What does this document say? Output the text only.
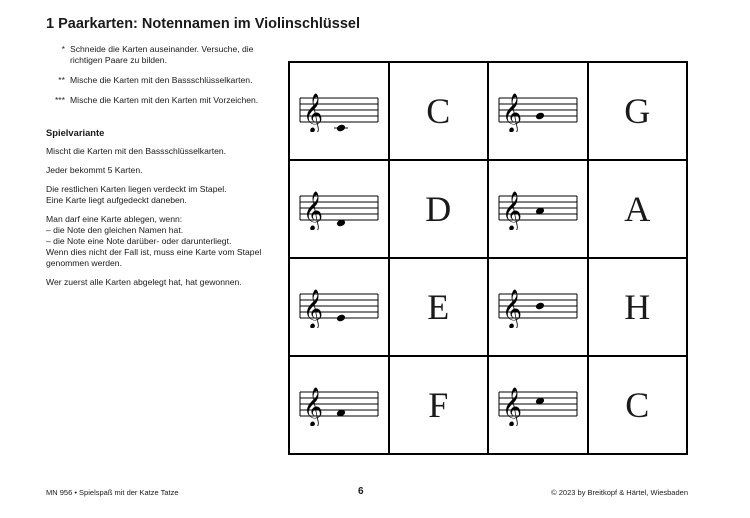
1 Paarkarten: Notennamen im Violinschlüssel
* Schneide die Karten auseinander. Versuche, die richtigen Paare zu bilden.
** Mische die Karten mit den Bassschlüsselkarten.
*** Mische die Karten mit den Karten mit Vorzeichen.
Spielvariante

Mischt die Karten mit den Bassschlüsselkarten.

Jeder bekommt 5 Karten.

Die restlichen Karten liegen verdeckt im Stapel.
Eine Karte liegt aufgedeckt daneben.

Man darf eine Karte ablegen, wenn:
– die Note den gleichen Namen hat.
– die Note eine Note darüber- oder darunterliegt.
Wenn dies nicht der Fall ist, muss eine Karte vom Stapel genommen werden.

Wer zuerst alle Karten abgelegt hat, hat gewonnen.

𝄞	C 𝄞	G
𝄞	D 𝄞	A
𝄞	E 𝄞	H
𝄞	F 𝄞	C
MN 956 • Spielspaß mit der Katze Tatze	6	© 2023 by Breitkopf & Härtel, Wiesbaden
